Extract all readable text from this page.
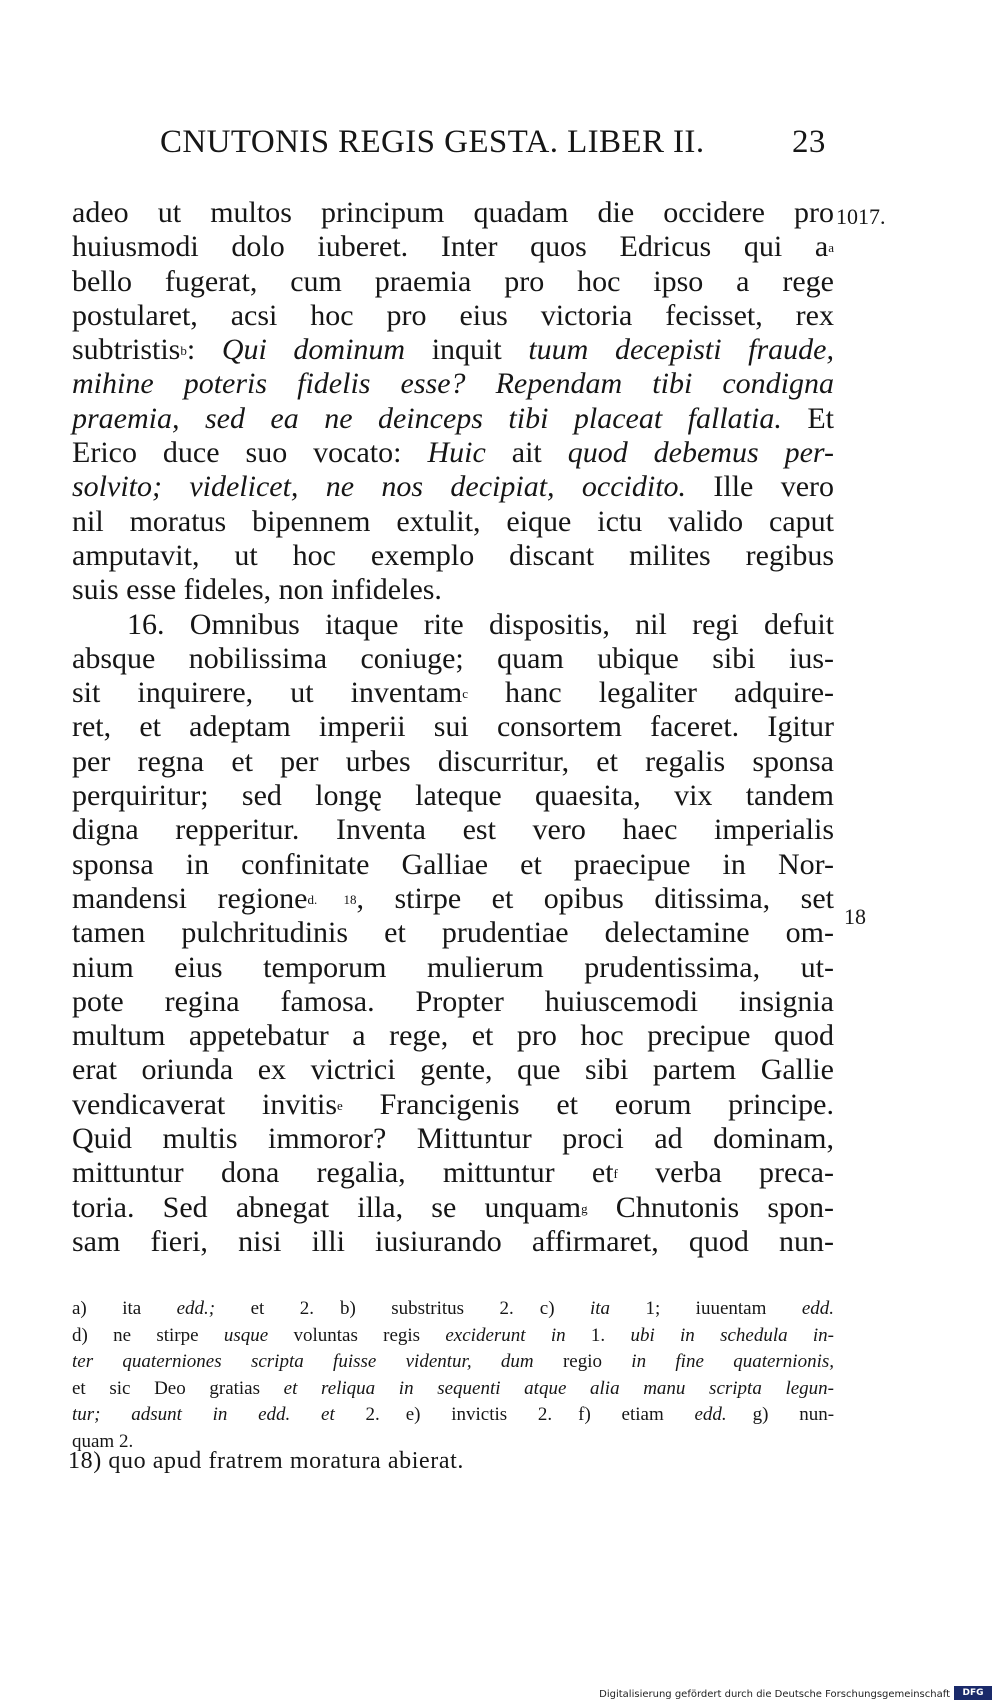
CNUTONIS REGIS GESTA. LIBER II.	23
1017.
18
adeo ut multos principum quadam die occidere pro
huiusmodi dolo iuberet. Inter quos Edricus qui $a^a$
bello fugerat, cum praemia pro hoc ipso a rege
postularet, acsi hoc pro eius victoria fecisset, rex
subtristis$^b$: Qui dominum inquit tuum decepisti fraude,
mihine poteris fidelis esse? Rependam tibi condigna
praemia, sed ea ne deinceps tibi placeat fallatia. Et
Erico duce suo vocato: Huic ait quod debemus per-
solvito; videlicet, ne nos decipiat, occidito. Ille vero
nil moratus bipennem extulit, eique ictu valido caput
amputavit, ut hoc exemplo discant milites regibus
suis esse fideles, non infideles.
16. Omnibus itaque rite dispositis, nil regi defuit
absque nobilissima coniuge; quam ubique sibi ius-
sit inquirere, ut inventam$^c$ hanc legaliter adquire-
ret, et adeptam imperii sui consortem faceret. Igitur
per regna et per urbes discurritur, et regalis sponsa
perquiritur; sed longę lateque quaesita, vix tandem
digna repperitur. Inventa est vero haec imperialis
sponsa in confinitate Galliae et praecipue in Nor-
mandensi regione$^{d. 18}$, stirpe et opibus ditissima, set
tamen pulchritudinis et prudentiae delectamine om-
nium eius temporum mulierum prudentissima, ut-
pote regina famosa. Propter huiuscemodi insignia
multum appetebatur a rege, et pro hoc precipue quod
erat oriunda ex victrici gente, que sibi partem Gallie
vendicaverat invitis$^e$ Francigenis et eorum principe.
Quid multis immoror? Mittuntur proci ad dominam,
mittuntur dona regalia, mittuntur $et^f$ verba preca-
toria. Sed abnegat illa, se unquam$^g$ Chnutonis spon-
sam fieri, nisi illi iusiurando affirmaret, quod nun-
a) ita edd.; et 2. b) substritus 2. c) ita 1; iuuentam edd.
d) ne stirpe usque voluntas regis exciderunt in 1. ubi in schedula in-
ter quaterniones scripta fuisse videntur, dum regio in fine quaternionis,
et sic Deo gratias et reliqua in sequenti atque alia manu scripta legun-
tur; adsunt in edd. et 2. e) invictis 2. f) etiam edd. g) nun-
quam 2.
18) quo apud fratrem moratura abierat.
Digitalisierung gefördert durch die Deutsche Forschungsgemeinschaft	DFG
